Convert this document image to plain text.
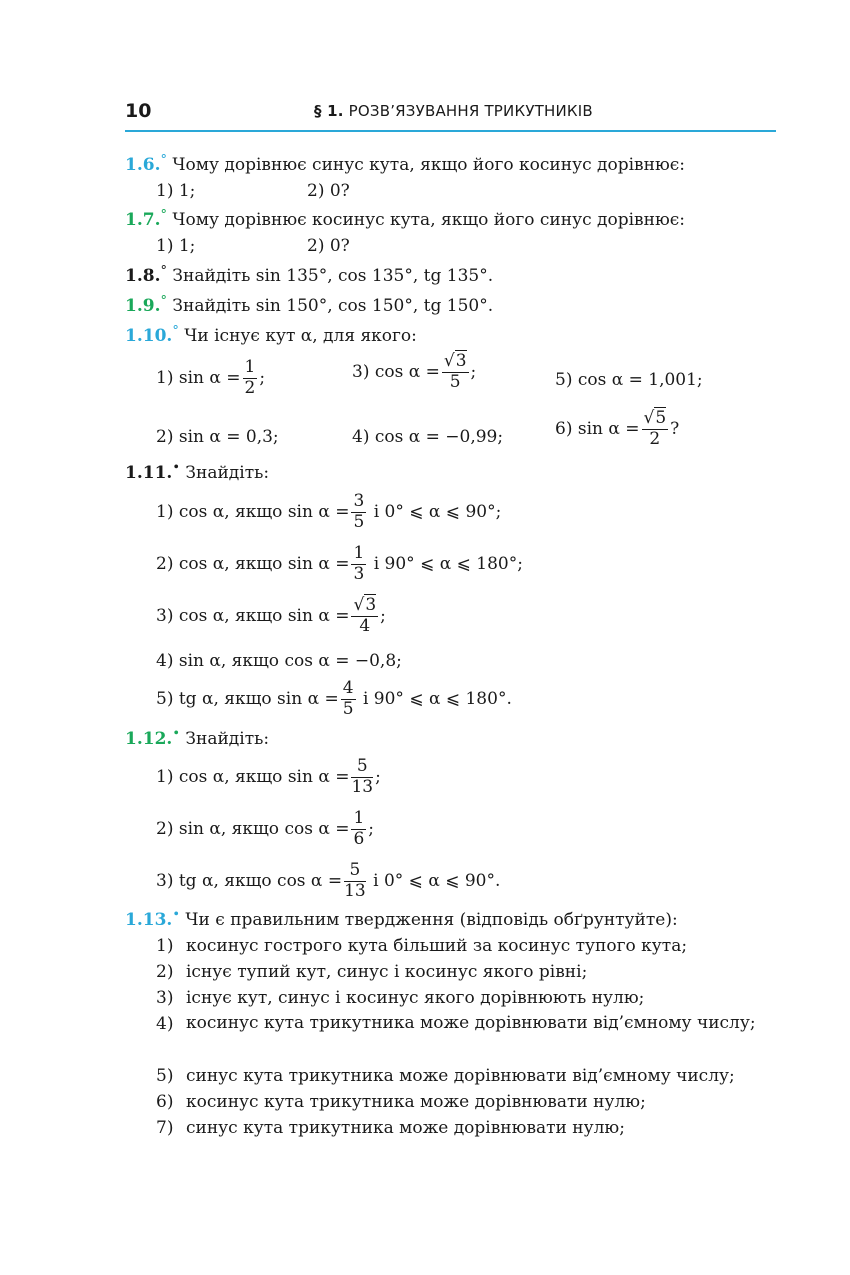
10	§ 1. РОЗВ’ЯЗУВАННЯ ТРИКУТНИКІВ
1.6.° Чому дорівнює синус кута, якщо його косинус дорівнює:
1) 1;	2) 0?
1.7.° Чому дорівнює косинус кута, якщо його синус дорівнює:
1) 1;	2) 0?
1.8.° Знайдіть sin 135°, cos 135°, tg 135°.
1.9.° Знайдіть sin 150°, cos 150°, tg 150°.
1.10.° Чи існує кут α, для якого:
1) $\sin \alpha = \frac{1}{2}$ ;	3) $\cos \alpha = \frac{√3}{5}$ ;	5) cos α = 1,001;
2) sin α = 0,3;	4) cos α = −0,99;	6) $\sin \alpha = \frac{√5}{2}$ ?
1.11.• Знайдіть:
1) cos α, якщо $\sin \alpha = \frac{3}{5}$ і 0° ⩽ α ⩽ 90°;
2) cos α, якщо $\sin \alpha = \frac{1}{3}$ і 90° ⩽ α ⩽ 180°;
3) cos α, якщо $\sin \alpha = \frac{√3}{4}$ ;
4) sin α, якщо cos α = −0,8;
5) tg α, якщо $\sin \alpha = \frac{4}{5}$ і 90° ⩽ α ⩽ 180°.
1.12.• Знайдіть:
1) cos α, якщо $\sin \alpha = \frac{5}{13}$ ;
2) sin α, якщо $\cos \alpha = \frac{1}{6}$ ;
3) tg α, якщо $\cos \alpha = \frac{5}{13}$ і 0° ⩽ α ⩽ 90°.
1.13.• Чи є правильним твердження (відповідь обґрунтуйте):
1) косинус гострого кута більший за косинус тупого кута;
2) існує тупий кут, синус і косинус якого рівні;
3) існує кут, синус і косинус якого дорівнюють нулю;
4) косинус кута трикутника може дорівнювати від’ємному числу;
5) синус кута трикутника може дорівнювати від’ємному числу;
6) косинус кута трикутника може дорівнювати нулю;
7) синус кута трикутника може дорівнювати нулю;
